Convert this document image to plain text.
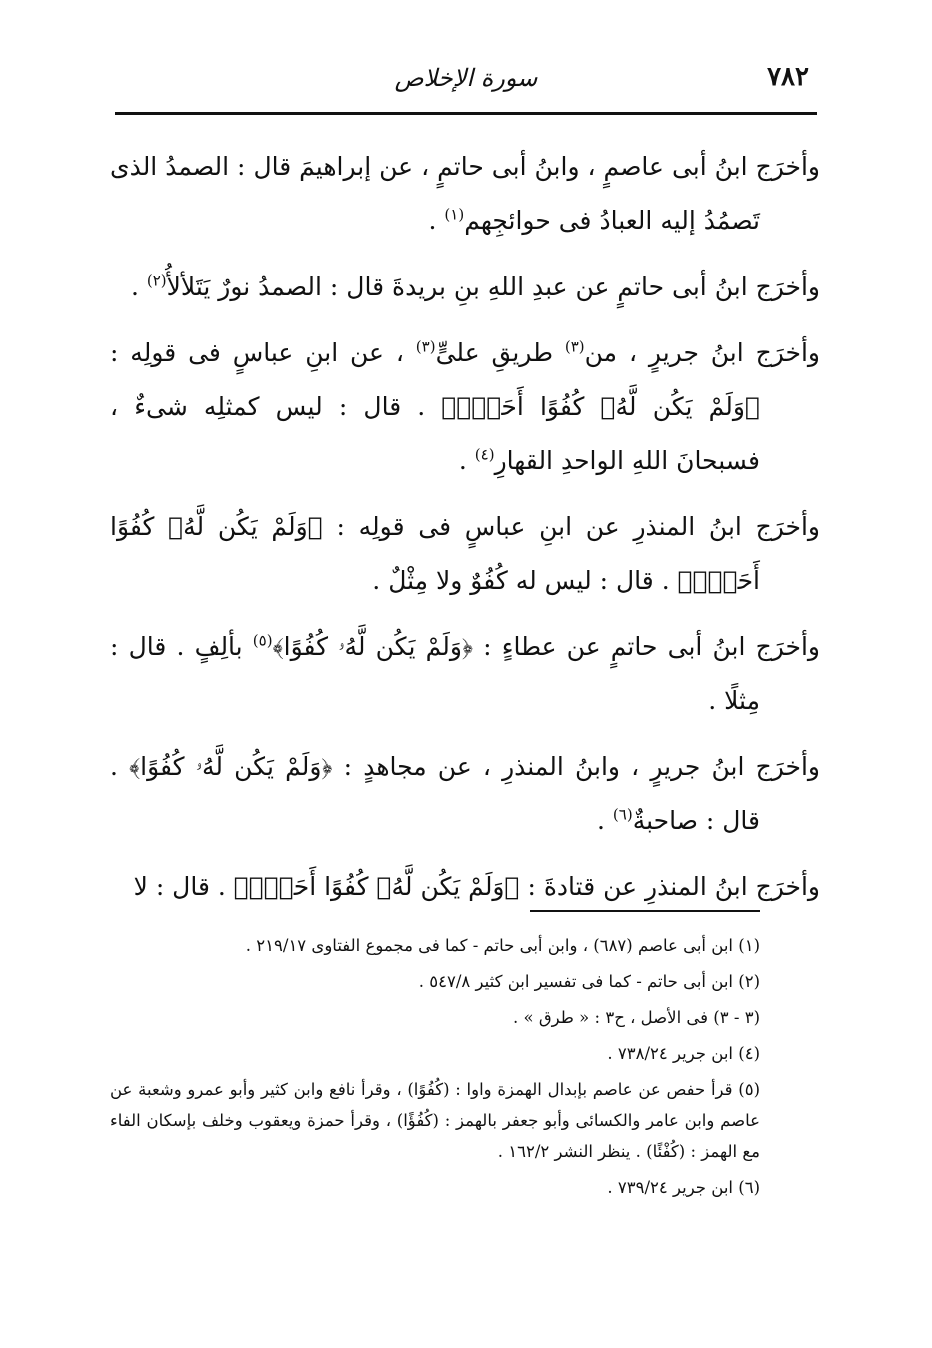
٧٨٢
سورة الإخلاص

وأخرَج ابنُ أبى عاصمٍ ، وابنُ أبى حاتمٍ ، عن إبراهيمَ قال : الصمدُ الذى تَصمُدُ إليه العبادُ فى حوائجِهم$^{(١)}$ .

وأخرَج ابنُ أبى حاتمٍ عن عبدِ اللهِ بنِ بريدةَ قال : الصمدُ نورٌ يَتَلألأُ$^{(٢)}$ .

وأخرَج ابنُ جريرٍ ، من$^{(٣)}$ طريقِ علىٍّ$^{(٣)}$ ، عن ابنِ عباسٍ فى قولِه : ﴿وَلَمْ يَكُن لَّهُۥ كُفُوًا أَحَدُۢ﴾ . قال : ليس كمثلِه شىءٌ ، فسبحانَ اللهِ الواحدِ القهارِ$^{(٤)}$ .

وأخرَج ابنُ المنذرِ عن ابنِ عباسٍ فى قولِه : ﴿وَلَمْ يَكُن لَّهُۥ كُفُوًا أَحَدُۢ﴾ . قال : ليس له كُفُوٌ ولا مِثْلٌ .

وأخرَج ابنُ أبى حاتمٍ عن عطاءٍ : ﴿وَلَمْ يَكُن لَّهُۥ كُفُوًا﴾$^{(٥)}$ بألِفٍ . قال : مِثلًا .

وأخرَج ابنُ جريرٍ ، وابنُ المنذرِ ، عن مجاهدٍ : ﴿وَلَمْ يَكُن لَّهُۥ كُفُوًا﴾ . قال : صاحبةٌ$^{(٦)}$ .

وأخرَج ابنُ المنذرِ عن قتادةَ : ﴿وَلَمْ يَكُن لَّهُۥ كُفُوًا أَحَدُۢ﴾ . قال : لا

(١) ابن أبى عاصم (٦٨٧) ، وابن أبى حاتم - كما فى مجموع الفتاوى ٢١٩/١٧ .

(٢) ابن أبى حاتم - كما فى تفسير ابن كثير ٥٤٧/٨ .

(٣ - ٣) فى الأصل ، ح٣ : « طرق » .

(٤) ابن جرير ٧٣٨/٢٤ .

(٥) قرأ حفص عن عاصم بإبدال الهمزة واوا : (كُفُوًا) ، وقرأ نافع وابن كثير وأبو عمرو وشعبة عن عاصم وابن عامر والكسائى وأبو جعفر بالهمز : (كُفُؤًا) ، وقرأ حمزة ويعقوب وخلف بإسكان الفاء مع الهمز : (كُفْئًا) . ينظر النشر ١٦٢/٢ .

(٦) ابن جرير ٧٣٩/٢٤ .
